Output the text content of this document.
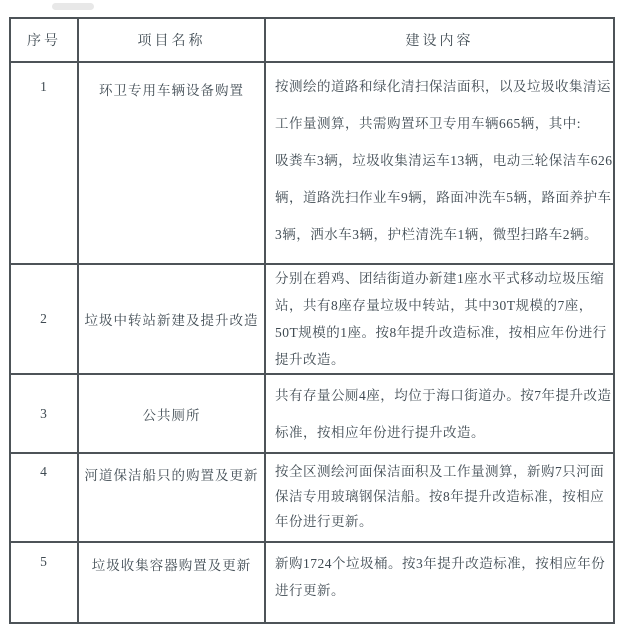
序号	项目名称	建设内容
1	环卫专用车辆设备购置	按测绘的道路和绿化清扫保洁面积，以及垃圾收集清运
工作量测算，共需购置环卫专用车辆665辆，其中:
吸粪车3辆，垃圾收集清运车13辆，电动三轮保洁车626
辆，道路洗扫作业车9辆，路面冲洗车5辆，路面养护车
3辆，洒水车3辆，护栏清洗车1辆，微型扫路车2辆。

2	垃圾中转站新建及提升改造	分别在碧鸡、团结街道办新建1座水平式移动垃圾压缩
站，共有8座存量垃圾中转站，其中30T规模的7座，
50T规模的1座。按8年提升改造标准，按相应年份进行
提升改造。

3	公共厕所	共有存量公厕4座，均位于海口街道办。按7年提升改造
标准，按相应年份进行提升改造。

4	河道保洁船只的购置及更新	按全区测绘河面保洁面积及工作量测算，新购7只河面
保洁专用玻璃钢保洁船。按8年提升改造标准，按相应
年份进行更新。

5	垃圾收集容器购置及更新	新购1724个垃圾桶。按3年提升改造标准，按相应年份
进行更新。
